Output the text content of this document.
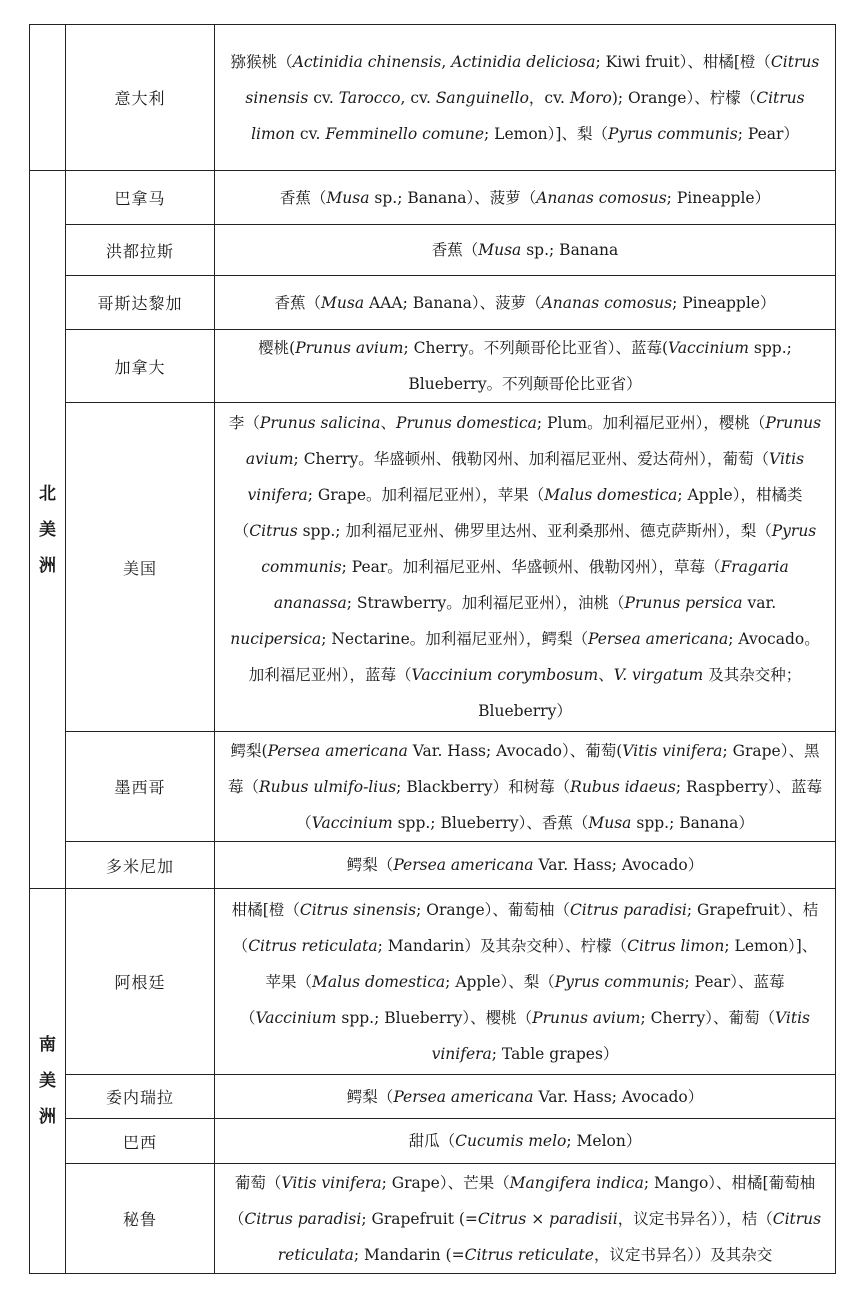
	意大利	猕猴桃（Actinidia chinensis, Actinidia deliciosa; Kiwi fruit）、柑橘[橙（Citrus sinensis cv. Tarocco, cv. Sanguinello，cv. Moro); Orange）、柠檬（Citrus limon cv. Femminello comune; Lemon）]、梨（Pyrus communis; Pear）
北美洲	巴拿马	香蕉（Musa sp.; Banana）、菠萝（Ananas comosus; Pineapple）
	洪都拉斯	香蕉（Musa sp.; Banana
	哥斯达黎加	香蕉（Musa AAA; Banana）、菠萝（Ananas comosus; Pineapple）
	加拿大	樱桃(Prunus avium; Cherry。不列颠哥伦比亚省）、蓝莓(Vaccinium spp.; Blueberry。不列颠哥伦比亚省）
	美国	李（Prunus salicina、Prunus domestica; Plum。加利福尼亚州），樱桃（Prunus avium; Cherry。华盛顿州、俄勒冈州、加利福尼亚州、爱达荷州），葡萄（Vitis vinifera; Grape。加利福尼亚州），苹果（Malus domestica; Apple），柑橘类（Citrus spp.; 加利福尼亚州、佛罗里达州、亚利桑那州、德克萨斯州），梨（Pyrus communis; Pear。加利福尼亚州、华盛顿州、俄勒冈州），草莓（Fragaria ananassa; Strawberry。加利福尼亚州），油桃（Prunus persica var. nucipersica; Nectarine。加利福尼亚州），鳄梨（Persea americana; Avocado。加利福尼亚州），蓝莓（Vaccinium corymbosum、V. virgatum 及其杂交种；Blueberry）
	墨西哥	鳄梨(Persea americana Var. Hass; Avocado）、葡萄(Vitis vinifera; Grape）、黑莓（Rubus ulmifo-lius; Blackberry）和树莓（Rubus idaeus; Raspberry）、蓝莓（Vaccinium spp.; Blueberry）、香蕉（Musa spp.; Banana）
	多米尼加	鳄梨（Persea americana Var. Hass; Avocado）
南美洲	阿根廷	柑橘[橙（Citrus sinensis; Orange）、葡萄柚（Citrus paradisi; Grapefruit）、桔（Citrus reticulata; Mandarin）及其杂交种）、柠檬（Citrus limon; Lemon）]、苹果（Malus domestica; Apple）、梨（Pyrus communis; Pear）、蓝莓（Vaccinium spp.; Blueberry）、樱桃（Prunus avium; Cherry）、葡萄（Vitis vinifera; Table grapes）
	委内瑞拉	鳄梨（Persea americana Var. Hass; Avocado）
	巴西	甜瓜（Cucumis melo; Melon）
	秘鲁	葡萄（Vitis vinifera; Grape）、芒果（Mangifera indica; Mango）、柑橘[葡萄柚（Citrus paradisi; Grapefruit (=Citrus × paradisii，议定书异名）），桔（Citrus reticulata; Mandarin (=Citrus reticulate，议定书异名））及其杂交
